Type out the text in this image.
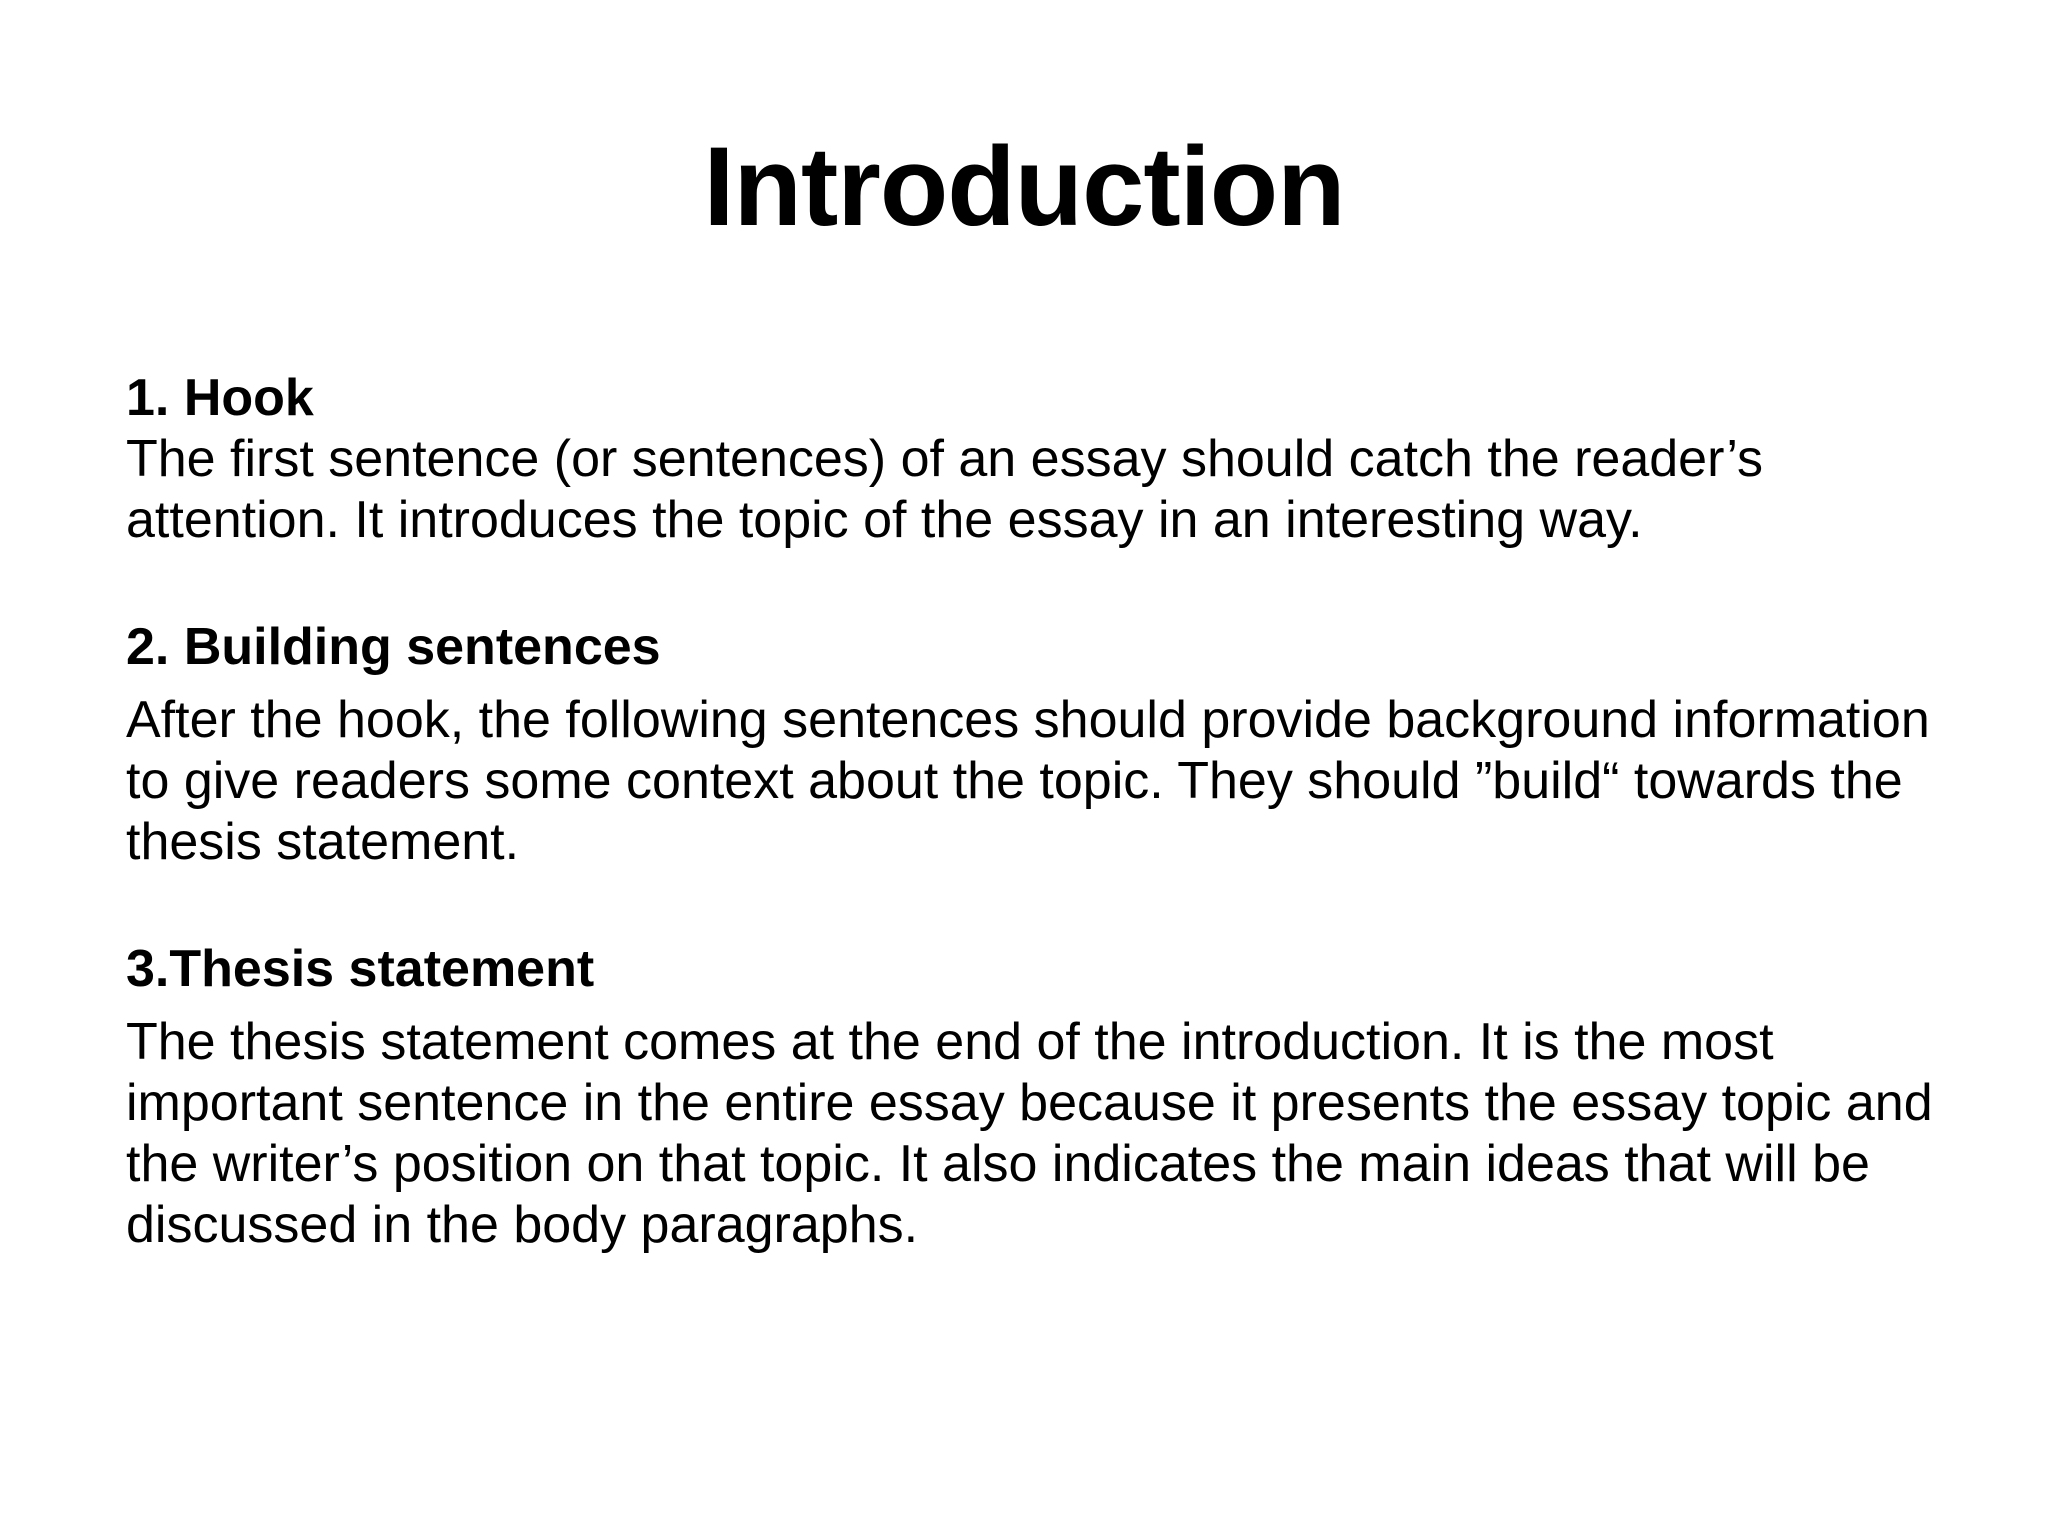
Introduction
1. Hook
The first sentence (or sentences) of an essay should catch the reader’s attention. It introduces the topic of the essay in an interesting way.
2. Building sentences
After the hook, the following sentences should provide background information to give readers some context about the topic. They should ”build“ towards the thesis statement.
3.Thesis statement
The thesis statement comes at the end of the introduction. It is the most important sentence in the entire essay because it presents the essay topic and the writer’s position on that topic. It also indicates the main ideas that will be discussed in the body paragraphs.
